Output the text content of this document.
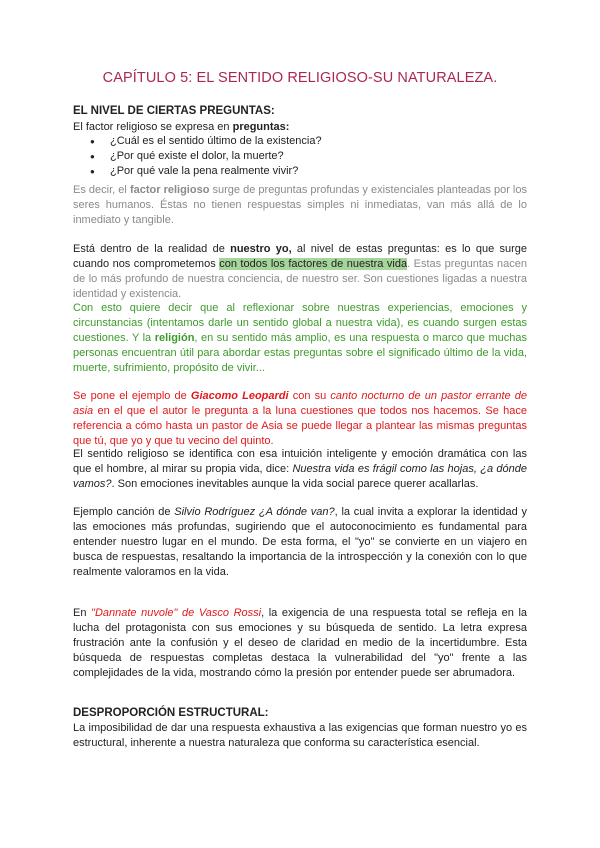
CAPÍTULO 5: EL SENTIDO RELIGIOSO-SU NATURALEZA.
EL NIVEL DE CIERTAS PREGUNTAS:
El factor religioso se expresa en preguntas:
● ¿Cuál es el sentido último de la existencia?
● ¿Por qué existe el dolor, la muerte?
● ¿Por qué vale la pena realmente vivir?
Es decir, el factor religioso surge de preguntas profundas y existenciales planteadas por los seres humanos. Éstas no tienen respuestas simples ni inmediatas, van más allá de lo inmediato y tangible.
Está dentro de la realidad de nuestro yo, al nivel de estas preguntas: es lo que surge cuando nos comprometemos con todos los factores de nuestra vida. Estas preguntas nacen de lo más profundo de nuestra conciencia, de nuestro ser. Son cuestiones ligadas a nuestra identidad y existencia.
Con esto quiere decir que al reflexionar sobre nuestras experiencias, emociones y circunstancias (intentamos darle un sentido global a nuestra vida), es cuando surgen estas cuestiones. Y la religión, en su sentido más amplio, es una respuesta o marco que muchas personas encuentran útil para abordar estas preguntas sobre el significado último de la vida, muerte, sufrimiento, propósito de vivir...
Se pone el ejemplo de Giacomo Leopardi con su canto nocturno de un pastor errante de asia en el que el autor le pregunta a la luna cuestiones que todos nos hacemos. Se hace referencia a cómo hasta un pastor de Asia se puede llegar a plantear las mismas preguntas que tú, que yo y que tu vecino del quinto.
El sentido religioso se identifica con esa intuición inteligente y emoción dramática con las que el hombre, al mirar su propia vida, dice: Nuestra vida es frágil como las hojas, ¿a dónde vamos?. Son emociones inevitables aunque la vida social parece querer acallarlas.
Ejemplo canción de Silvio Rodríguez ¿A dónde van?, la cual invita a explorar la identidad y las emociones más profundas, sugiriendo que el autoconocimiento es fundamental para entender nuestro lugar en el mundo. De esta forma, el "yo" se convierte en un viajero en busca de respuestas, resaltando la importancia de la introspección y la conexión con lo que realmente valoramos en la vida.
En "Dannate nuvole" de Vasco Rossi, la exigencia de una respuesta total se refleja en la lucha del protagonista con sus emociones y su búsqueda de sentido. La letra expresa frustración ante la confusión y el deseo de claridad en medio de la incertidumbre. Esta búsqueda de respuestas completas destaca la vulnerabilidad del "yo" frente a las complejidades de la vida, mostrando cómo la presión por entender puede ser abrumadora.
DESPROPORCIÓN ESTRUCTURAL:
La imposibilidad de dar una respuesta exhaustiva a las exigencias que forman nuestro yo es estructural, inherente a nuestra naturaleza que conforma su característica esencial.
